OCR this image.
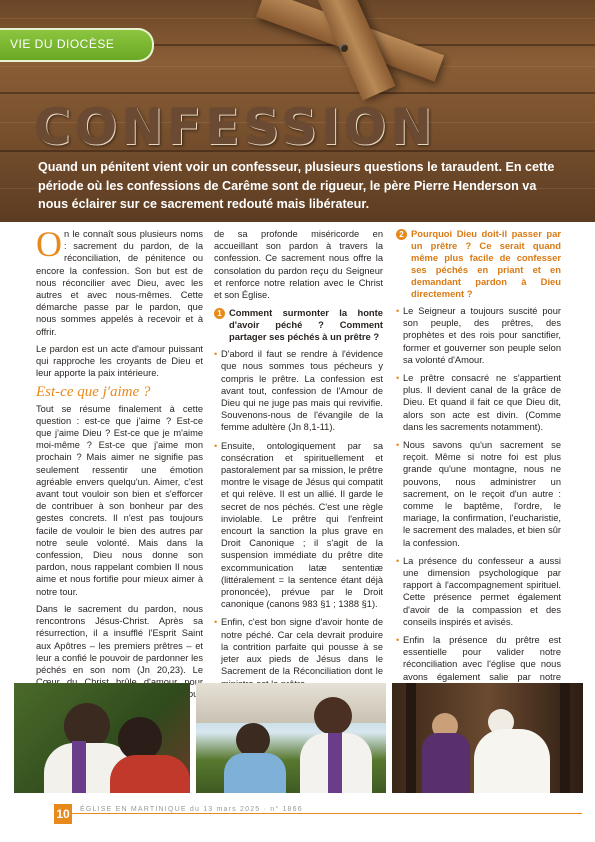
VIE DU DIOCÈSE
CONFESSION
Quand un pénitent vient voir un confesseur, plusieurs questions le taraudent. En cette période où les confessions de Carême sont de rigueur, le père Pierre Henderson va nous éclairer sur ce sacrement redouté mais libérateur.

On le connaît sous plusieurs noms : sacrement du pardon, de la réconciliation, de pénitence ou encore la confession. Son but est de nous réconcilier avec Dieu, avec les autres et avec nous-mêmes. Cette démarche passe par le pardon, que nous sommes appelés à recevoir et à offrir.

Le pardon est un acte d'amour puissant qui rapproche les croyants de Dieu et leur apporte la paix intérieure.

Est-ce que j'aime ?

Tout se résume finalement à cette question : est-ce que j'aime ? Est-ce que j'aime Dieu ? Est-ce que je m'aime moi-même ? Est-ce que j'aime mon prochain ? Mais aimer ne signifie pas seulement ressentir une émotion agréable envers quelqu'un. Aimer, c'est avant tout vouloir son bien et s'efforcer de contribuer à son bonheur par des gestes concrets. Il n'est pas toujours facile de vouloir le bien des autres par notre seule volonté. Mais dans la confession, Dieu nous donne son pardon, nous rappelant combien Il nous aime et nous fortifie pour mieux aimer à notre tour.

Dans le sacrement du pardon, nous rencontrons Jésus-Christ. Après sa résurrection, il a insufflé l'Esprit Saint aux Apôtres – les premiers prêtres – et leur a confié le pouvoir de pardonner les péchés en son nom (Jn 20,23). Le pour nous

de sa profonde miséricorde en accueillant son pardon à travers la confession. Ce sacrement nous offre la consolation du pardon reçu du Seigneur et renforce notre relation avec le Christ et son Église.

1 Comment surmonter la honte d'avoir péché ? Comment partager ses péchés à un prêtre ?
• D'abord il faut se rendre à l'évidence que nous sommes tous pécheurs y compris le prêtre. La confession est avant tout, confession de l'Amour de Dieu qui ne juge pas mais qui revivifie. Souvenons-nous de l'évangile de la femme adultère (Jn 8,1-11).
• Ensuite, ontologiquement par sa consécration et spirituellement et pastoralement par sa mission, le prêtre montre le visage de Jésus qui compatit et qui relève. Il est un allié. Il garde le secret de nos péchés. C'est une règle inviolable. Le prêtre qui l'enfreint encourt la sanction la plus grave en Droit Canonique ; il s'agit de la suspension immédiate du prêtre dite excommunication latæ sententiæ (littéralement = la sentence étant déjà prononcée), prévue par le Droit canonique (canons 983 §1 ; 1388 §1).
• Enfin, c'est bon signe d'avoir honte de notre péché. Car cela devrait produire la contrition parfaite qui pousse à se jeter aux pieds de Jésus dans le Sacrement de la Réconciliation dont le
2 Pourquoi Dieu doit-il passer par un prêtre ? Ce serait quand même plus facile de confesser ses péchés en priant et en demandant pardon à Dieu directement ?
• Le Seigneur a toujours suscité pour son peuple, des prêtres, des prophètes et des rois pour sanctifier, former et gouverner son peuple selon sa volonté d'Amour.
• Le prêtre consacré ne s'appartient plus. Il devient canal de la grâce de Dieu. Et quand il fait ce que Dieu dit, alors son acte est divin. (Comme dans les sacrements notamment).
• Nous savons qu'un sacrement se reçoit. Même si notre foi est plus grande qu'une montagne, nous ne pouvons, nous administrer un sacrement, on le reçoit d'un autre : comme le baptême, l'ordre, le mariage, la confirmation, l'eucharistie, le sacrement des malades, et bien sûr la confession.
• La présence du confesseur a aussi une dimension psychologique par rapport à l'accompagnement spirituel. Cette présence permet également d'avoir de la compassion et des conseils inspirés et avisés.
• Enfin la présence du prêtre est essentielle pour valider notre réconciliation avec l'église que nous avons également salie par notre
10	ÉGLISE EN MARTINIQUE du 13 mars 2025 · n° 1866
